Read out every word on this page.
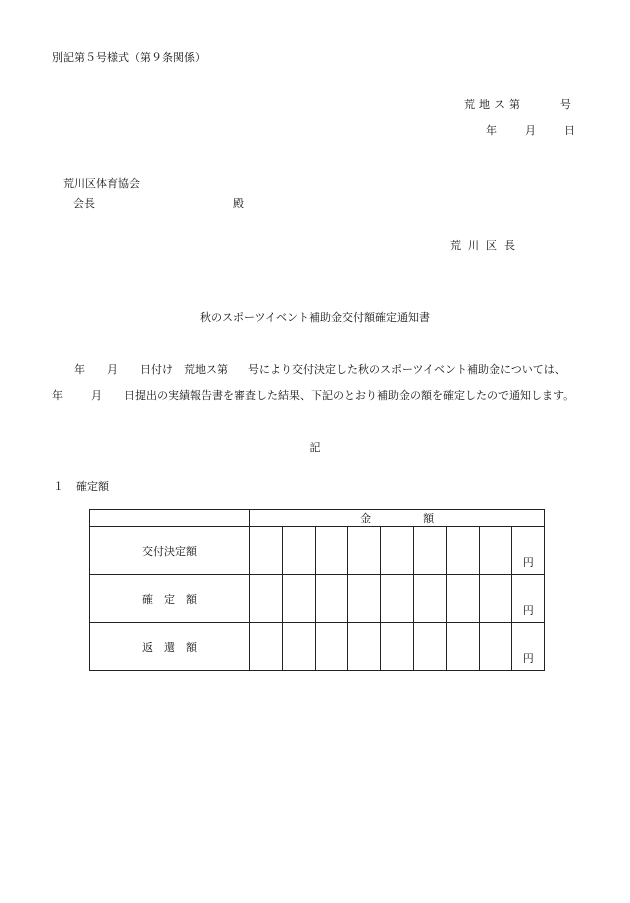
別記第５号様式（第９条関係）
荒地ス第	号
年	月	日
荒川区体育協会
会長	殿
荒川区長
秋のスポーツイベント補助金交付額確定通知書
年 月 日付け　荒地ス第 号により交付決定した秋のスポーツイベント補助金については、
年	月 日提出の実績報告書を審査した結果、下記のとおり補助金の額を確定したので通知します。
記
１ 確定額
	金 額								
交付決定額									円
確　定　額									円
返　還　額									円
